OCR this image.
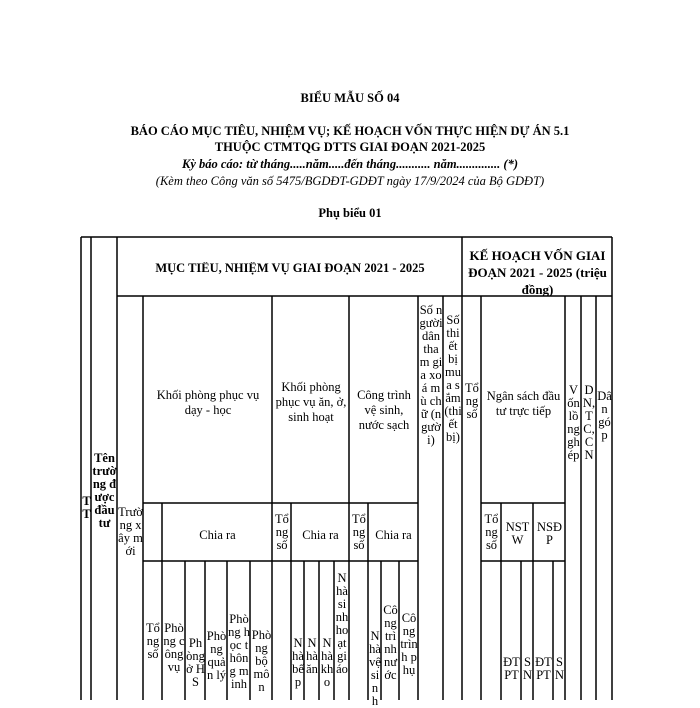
BIỂU MẪU SỐ 04
BÁO CÁO MỤC TIÊU, NHIỆM VỤ; KẾ HOẠCH VỐN THỰC HIỆN DỰ ÁN 5.1
THUỘC CTMTQG DTTS GIAI ĐOẠN 2021-2025
Kỳ báo cáo: từ tháng.....năm.....đến tháng........... năm.............. (*)
(Kèm theo Công văn số 5475/BGDĐT-GDĐT ngày 17/9/2024 của Bộ GDĐT)
Phụ biểu 01
TT
Tên trường được đầu tư
Trường xây mới
MỤC TIÊU, NHIỆM VỤ GIAI ĐOẠN 2021 - 2025
KẾ HOẠCH VỐN GIAI ĐOẠN 2021 - 2025 (triệu đồng)
Khối phòng phục vụ dạy - học
Khối phòng phục vụ ăn, ở, sinh hoạt
Công trình vệ sinh, nước sạch
Số người dân tham gia xoá mù chữ (người)
Số thiết bị mua sắm (thiết bị)
Tổng số
Ngân sách đầu tư trực tiếp
Vốn lồng ghép
DN, TC, CN
Dân góp
Tổng số
Chia ra
Tổng số
Chia ra
Tổng số
Chia ra
Tổng số
NSTW
NSĐP
Phòng công vụ
Phòng ở HS
Phòng quản lý
Phòng học thông minh
Phòng bộ môn
Nhà bếp
Nhà ăn
Nhà kho
Nhà sinh hoạt giáo
Nhà vệ sinh
Công trình nước
Công trình phụ
ĐTPT
SN
ĐTPT
SN
